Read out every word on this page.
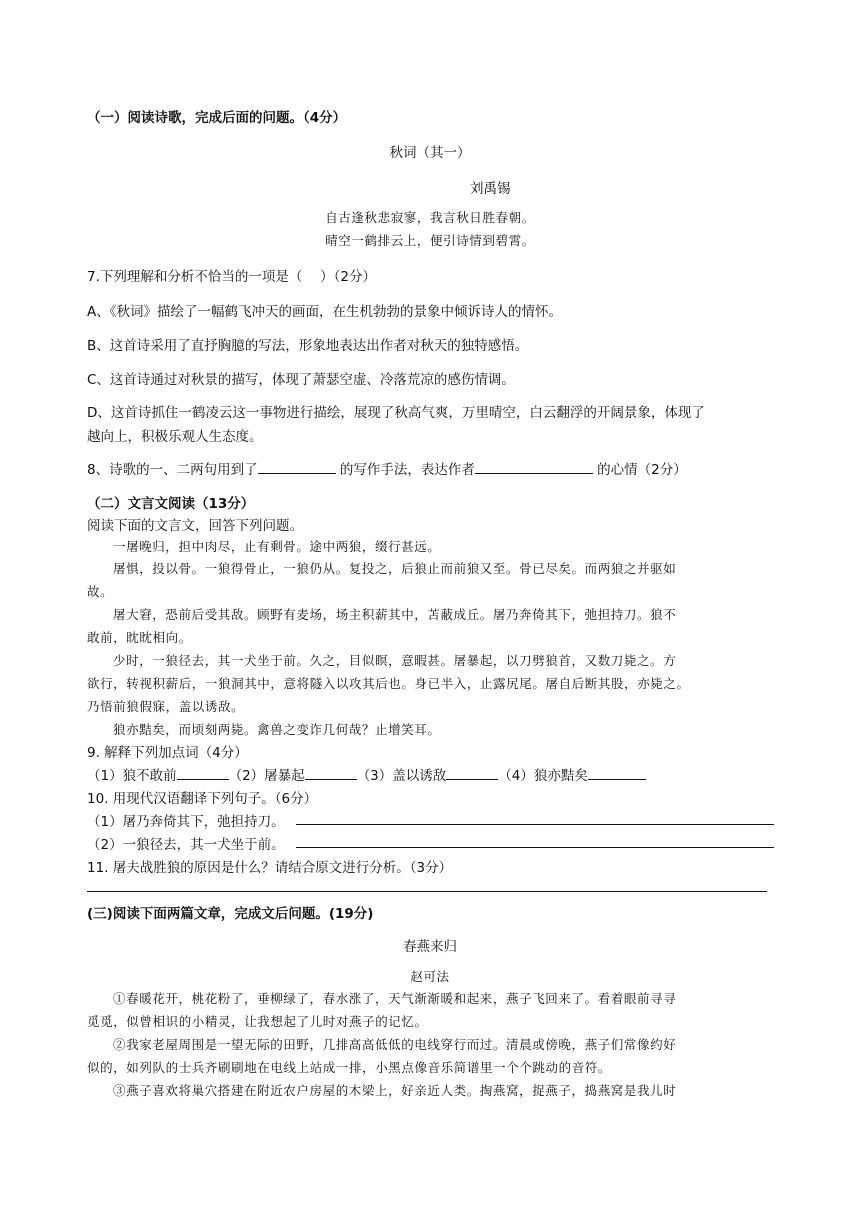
（一）阅读诗歌，完成后面的问题。（4分）
秋词（其一）
刘禹锡
自古逢秋悲寂寥，我言秋日胜春朝。
晴空一鹤排云上，便引诗情到碧霄。
7.下列理解和分析不恰当的一项是（　 ）（2分）
A、《秋词》描绘了一幅鹤飞冲天的画面，在生机勃勃的景象中倾诉诗人的情怀。
B、这首诗采用了直抒胸臆的写法，形象地表达出作者对秋天的独特感悟。
C、这首诗通过对秋景的描写，体现了萧瑟空虚、冷落荒凉的感伤情调。
D、这首诗抓住一鹤凌云这一事物进行描绘，展现了秋高气爽，万里晴空，白云翻浮的开阔景象，体现了
越向上，积极乐观人生态度。
8、诗歌的一、二两句用到了	的写作手法，表达作者	的心情（2分）
（二）文言文阅读（13分）
阅读下面的文言文，回答下列问题。
一屠晚归，担中肉尽，止有剩骨。途中两狼，缀行甚远。
屠惧，投以骨。一狼得骨止，一狼仍从。复投之，后狼止而前狼又至。骨已尽矣。而两狼之并驱如
故。
屠大窘，恐前后受其敌。顾野有麦场，场主积薪其中，苫蔽成丘。屠乃奔倚其下，弛担持刀。狼不
敢前，眈眈相向。
少时，一狼径去，其一犬坐于前。久之，目似瞑，意暇甚。屠暴起，以刀劈狼首，又数刀毙之。方
欲行，转视积薪后，一狼洞其中，意将隧入以攻其后也。身已半入，止露尻尾。屠自后断其股，亦毙之。
乃悟前狼假寐，盖以诱敌。
狼亦黠矣，而顷刻两毙。禽兽之变诈几何哉？止增笑耳。
9. 解释下列加点词（4分）
（1）狼不敢前	（2）屠暴起	（3）盖以诱敌	（4）狼亦黠矣
10. 用现代汉语翻译下列句子。（6分）
（1）屠乃奔倚其下，弛担持刀。
（2）一狼径去，其一犬坐于前。
11. 屠夫战胜狼的原因是什么？请结合原文进行分析。（3分）
(三)阅读下面两篇文章，完成文后问题。(19分)
春燕来归
赵可法
①春暖花开，桃花粉了，垂柳绿了，春水涨了，天气渐渐暖和起来，燕子飞回来了。看着眼前寻寻
觅觅，似曾相识的小精灵，让我想起了儿时对燕子的记忆。
②我家老屋周围是一望无际的田野，几排高高低低的电线穿行而过。清晨或傍晚，燕子们常像约好
似的，如列队的士兵齐刷刷地在电线上站成一排，小黑点像音乐简谱里一个个跳动的音符。
③燕子喜欢将巢穴搭建在附近农户房屋的木梁上，好亲近人类。掏燕窝，捉燕子，捣燕窝是我儿时
